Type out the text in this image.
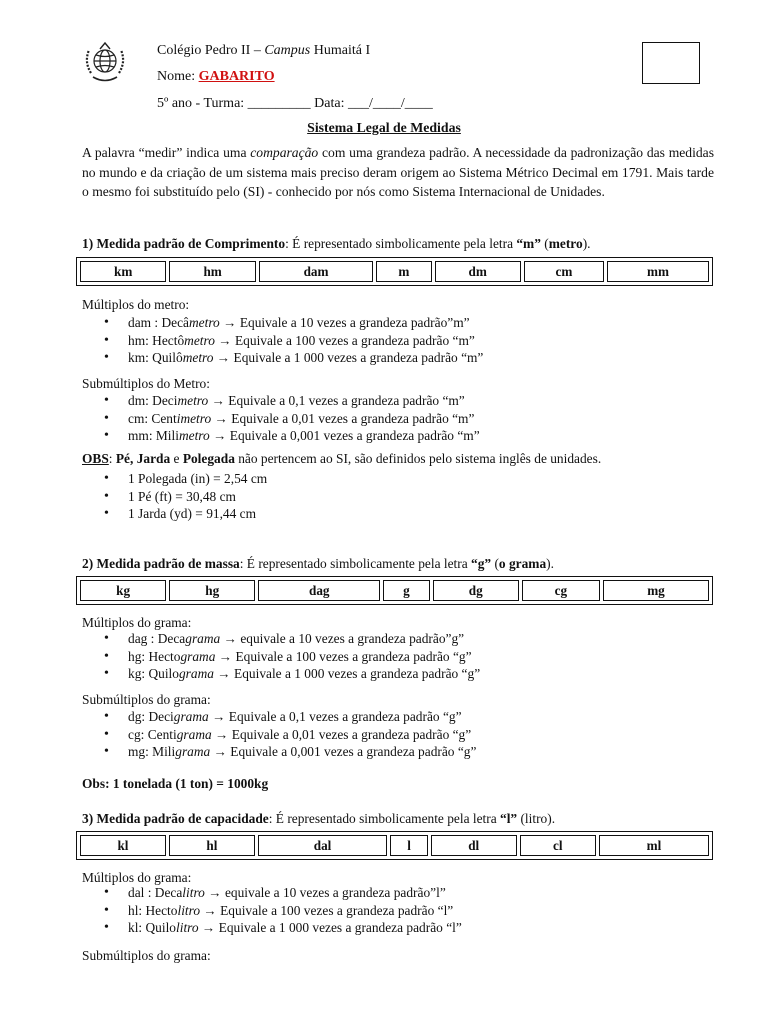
Colégio Pedro II – Campus Humaitá I
Nome: GABARITO
5º ano - Turma: _________ Data: ___/____/____
Sistema Legal de Medidas
A palavra “medir” indica uma comparação com uma grandeza padrão. A necessidade da padronização das medidas no mundo e da criação de um sistema mais preciso deram origem ao Sistema Métrico Decimal em 1791. Mais tarde o mesmo foi substituído pelo (SI) - conhecido por nós como Sistema Internacional de Unidades.
1) Medida padrão de Comprimento: É representado simbolicamente pela letra “m” (metro).
km	hm	dam	m	dm	cm	mm
Múltiplos do metro:
• dam : Decâmetro → Equivale a 10 vezes a grandeza padrão”m”
• hm: Hectômetro → Equivale a 100 vezes a grandeza padrão “m”
• km: Quilômetro → Equivale a 1 000 vezes a grandeza padrão “m”
Submúltiplos do Metro:
• dm: Decimetro → Equivale a 0,1 vezes a grandeza padrão “m”
• cm: Centimetro → Equivale a 0,01 vezes a grandeza padrão “m”
• mm: Milimetro → Equivale a 0,001 vezes a grandeza padrão “m”
OBS: Pé, Jarda e Polegada não pertencem ao SI, são definidos pelo sistema inglês de unidades.
• 1 Polegada (in) = 2,54 cm
• 1 Pé (ft) = 30,48 cm
• 1 Jarda (yd) = 91,44 cm
2) Medida padrão de massa: É representado simbolicamente pela letra “g” (o grama).
kg	hg	dag	g	dg	cg	mg
Múltiplos do grama:
• dag : Decagrama → equivale a 10 vezes a grandeza padrão”g”
• hg: Hectograma → Equivale a 100 vezes a grandeza padrão “g”
• kg: Quilograma → Equivale a 1 000 vezes a grandeza padrão “g”
Submúltiplos do grama:
• dg: Decigrama → Equivale a 0,1 vezes a grandeza padrão “g”
• cg: Centigrama → Equivale a 0,01 vezes a grandeza padrão “g”
• mg: Miligrama → Equivale a 0,001 vezes a grandeza padrão “g”
Obs: 1 tonelada (1 ton) = 1000kg
3) Medida padrão de capacidade: É representado simbolicamente pela letra “l” (litro).
kl	hl	dal	l	dl	cl	ml
Múltiplos do grama:
• dal : Decalitro → equivale a 10 vezes a grandeza padrão”l”
• hl: Hectolitro → Equivale a 100 vezes a grandeza padrão “l”
• kl: Quilolitro → Equivale a 1 000 vezes a grandeza padrão “l”
Submúltiplos do grama:
